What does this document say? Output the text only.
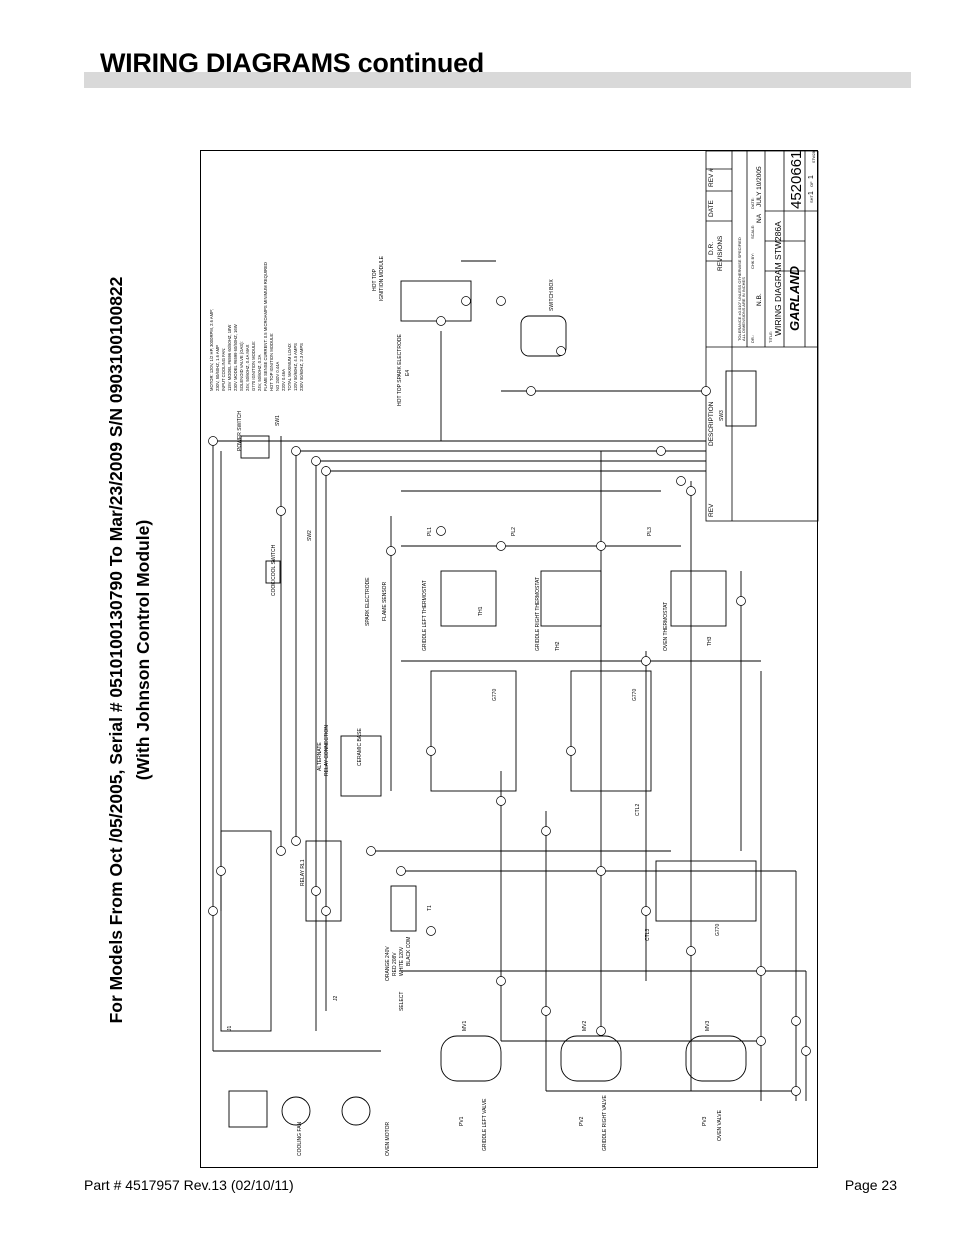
WIRING DIAGRAMS continued
For Models From Oct /05/2005, Serial # 0510100130790 To Mar/23/2009 S/N 0903100100822 (With Johnson Control Module)
REV
DESCRIPTION
D.R.
DATE
REV #
REVISIONS	TOLERANCE ±0.010" UNLESS OTHERWISE SPECIFIED ALL DIMENSIONS ARE IN INCHES DR.:
N.B.
CHK BY:
SCALE:
NA
DATE: JULY 10/2005
TITLE:
WIRING DIAGRAM STW286A GARLAND
4520661 SHT
1
OF
1
STW286A
MOTOR: 120V, 1/2 HP, 3000RPM, 2.6 AMP; 230V, 50/60HZ, 1.6 AMP INPUT COOLING FAN: 115V MODEL #6596 60/50HZ, 18W 230V MODEL #6599 60/50HZ, 16W SOLENOID VALVE (GAS): 24V, 50/60HZ, 0.4A MAX G770 IGNITION MODULE: 24V, 50/60HZ, 0.2A FLAME SENSE CURRENT: 0.5 MICROAMPS MINIMUM REQUIRED HOT TOP IGNITION MODULE: NO 240V 0.44A 220V 0.46A TOTAL MAXIMUM LOAD: 120V 50/60HZ, 4.5 AMPS 230V 50/60HZ, 2.3 AMPS
POWER SWITCH	SW1
COOK/COOL SWITCH
SW2
RELAY RL1
ALTERNATE RELAY CONNECTION	CERAMIC BASE
SPARK ELECTRODE FLAME SENSOR	GRIDDLE LEFT THERMOSTAT	TH1	GRIDDLE RIGHT THERMOSTAT	TH2	OVEN THERMOSTAT	TH3
PL1	PL2	PL3
CTL2
CTL3
G770	G770
G770
HOT TOP IGNITION MODULE
HOT TOP SPARK ELECTRODE
SWITCH BOX
SW3
COOLING FAN	OVEN MOTOR
T1
ORANGE 240V RED 208V WHITE 120V BLACK COM
SELECT
MV1	MV2	MV3
PV1	PV2	PV3
GRIDDLE LEFT VALVE	GRIDDLE RIGHT VALVE	OVEN VALVE
J1
J2
E4
Part # 4517957 Rev.13 (02/10/11)	Page 23
